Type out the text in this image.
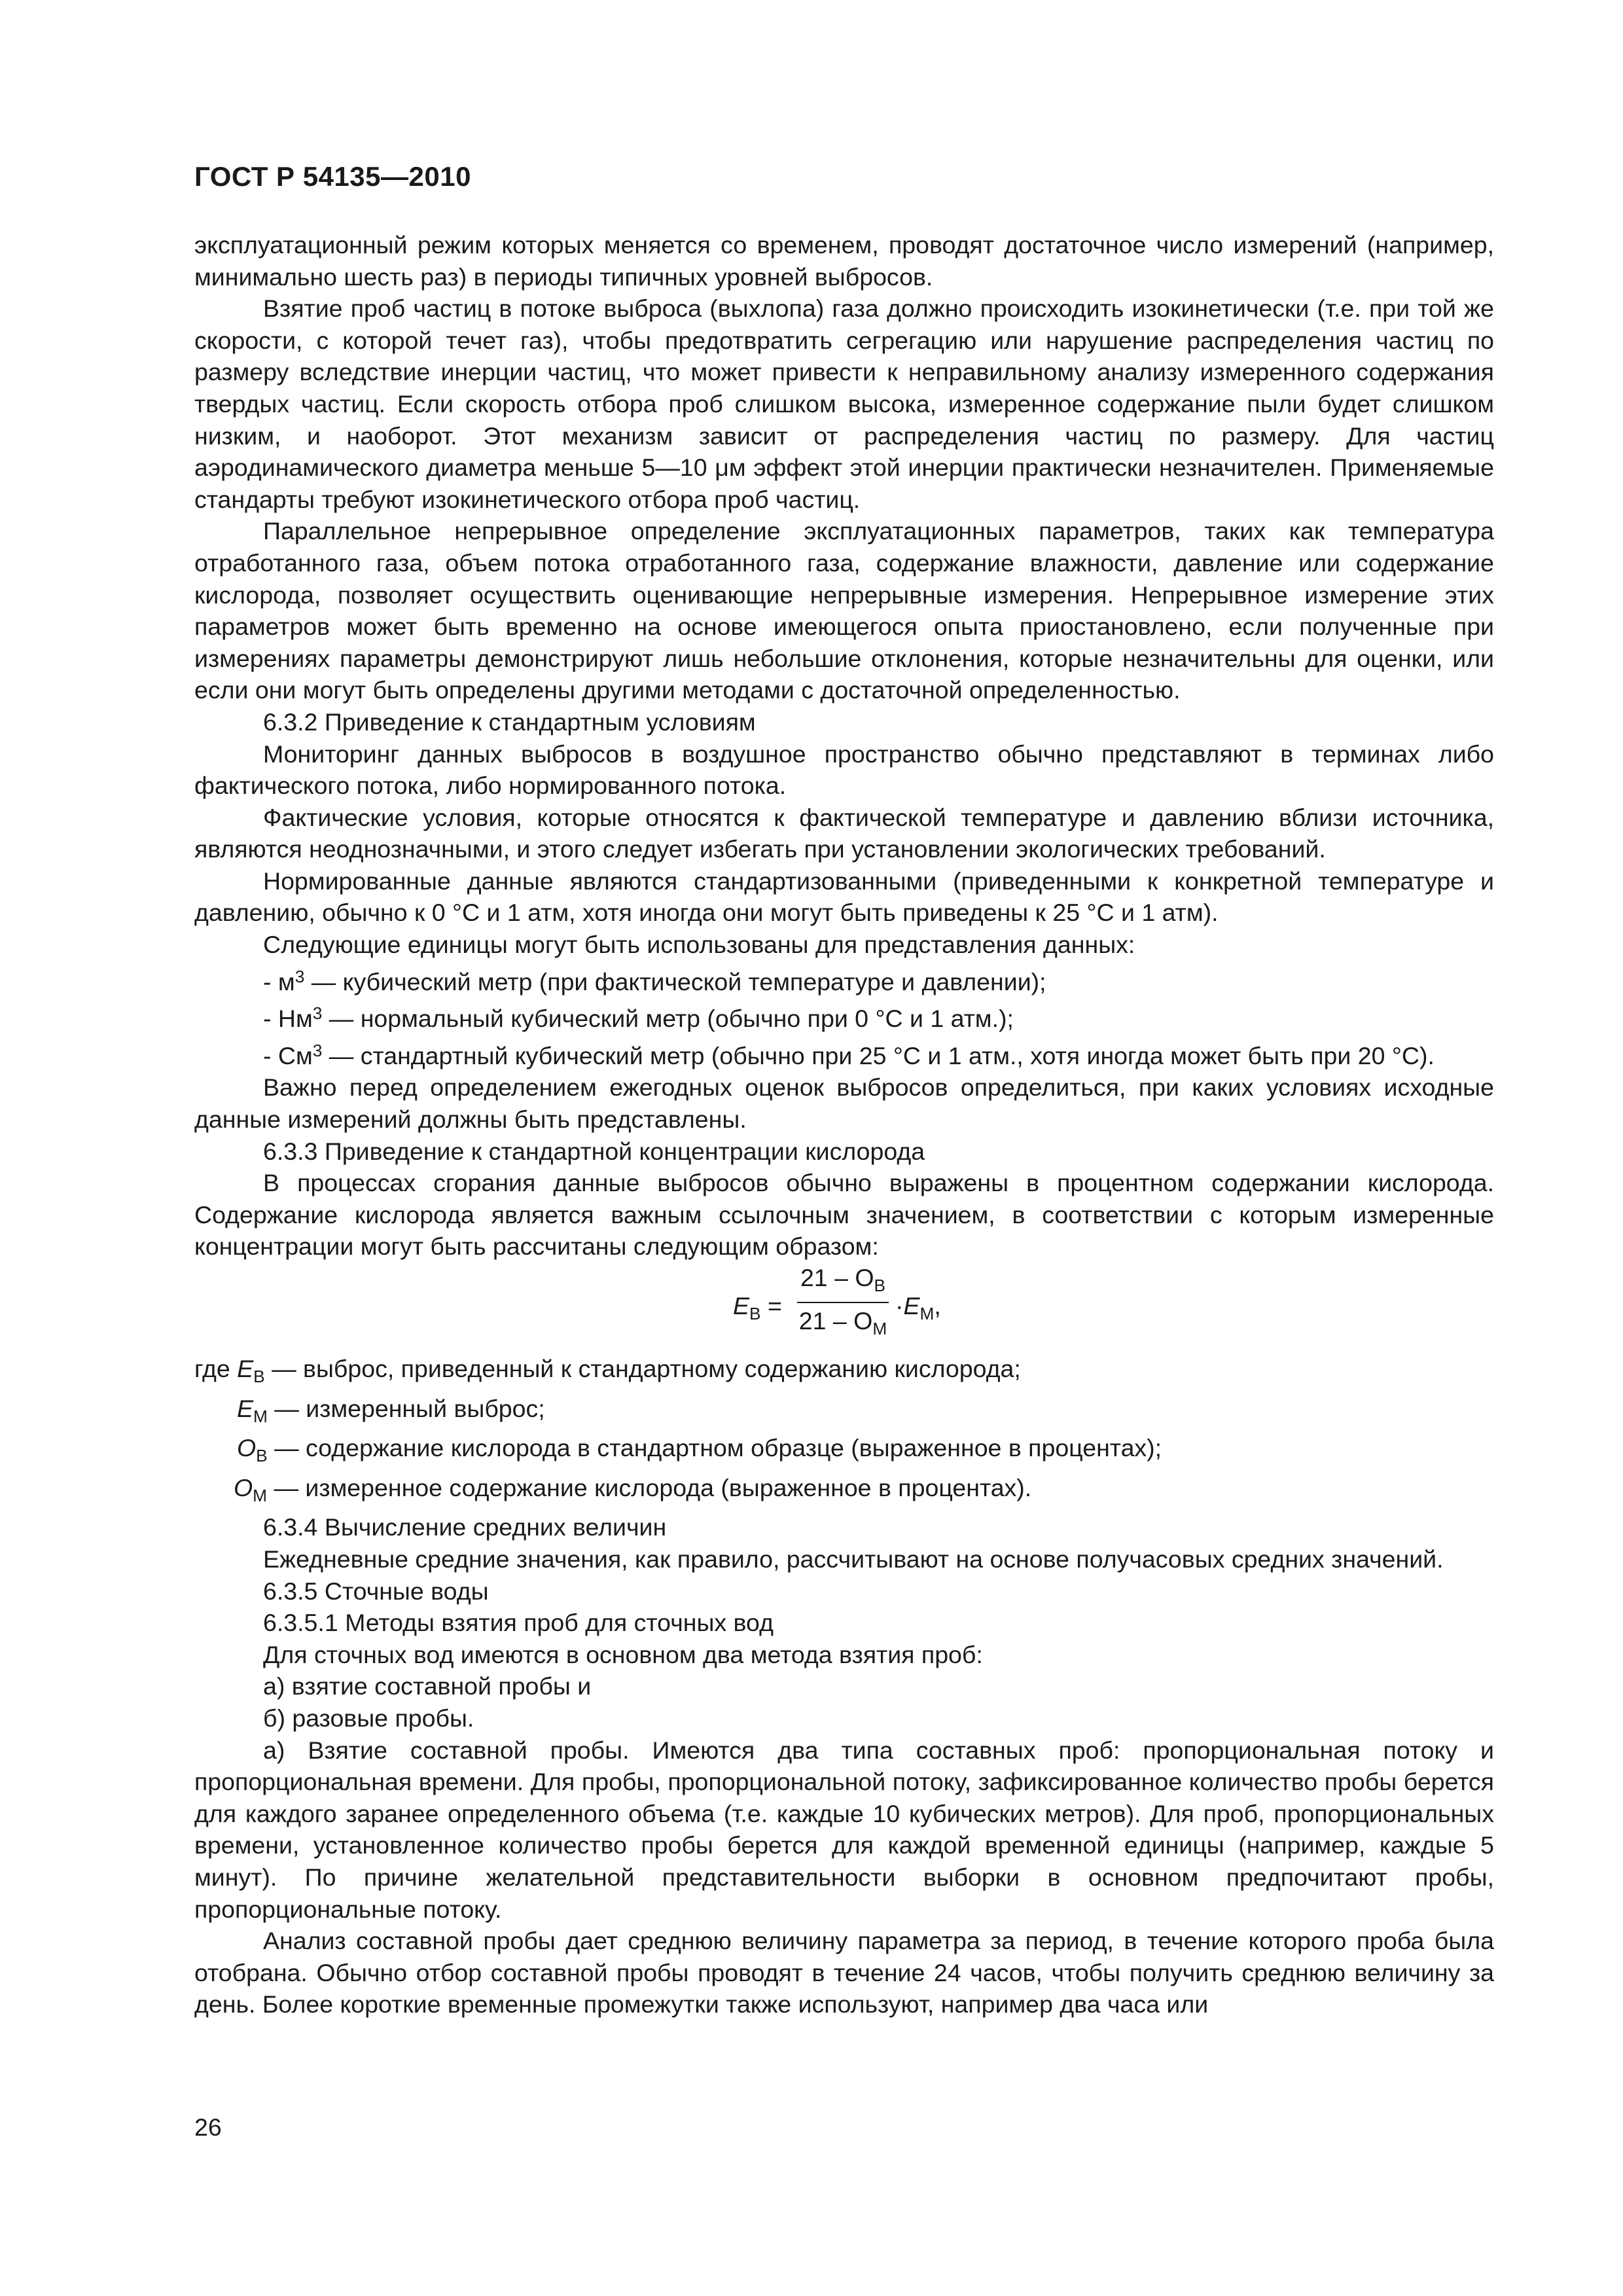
ГОСТ Р 54135—2010

эксплуатационный режим которых меняется со временем, проводят достаточное число измерений (например, минимально шесть раз) в периоды типичных уровней выбросов.

Взятие проб частиц в потоке выброса (выхлопа) газа должно происходить изокинетически (т.е. при той же скорости, с которой течет газ), чтобы предотвратить сегрегацию или нарушение распределения частиц по размеру вследствие инерции частиц, что может привести к неправильному анализу измеренного содержания твердых частиц. Если скорость отбора проб слишком высока, измеренное содержание пыли будет слишком низким, и наоборот. Этот механизм зависит от распределения частиц по размеру. Для частиц аэродинамического диаметра меньше 5—10 μм эффект этой инерции практически незначителен. Применяемые стандарты требуют изокинетического отбора проб частиц.

Параллельное непрерывное определение эксплуатационных параметров, таких как температура отработанного газа, объем потока отработанного газа, содержание влажности, давление или содержание кислорода, позволяет осуществить оценивающие непрерывные измерения. Непрерывное измерение этих параметров может быть временно на основе имеющегося опыта приостановлено, если полученные при измерениях параметры демонстрируют лишь небольшие отклонения, которые незначительны для оценки, или если они могут быть определены другими методами с достаточной определенностью.

6.3.2 Приведение к стандартным условиям

Мониторинг данных выбросов в воздушное пространство обычно представляют в терминах либо фактического потока, либо нормированного потока.

Фактические условия, которые относятся к фактической температуре и давлению вблизи источника, являются неоднозначными, и этого следует избегать при установлении экологических требований.

Нормированные данные являются стандартизованными (приведенными к конкретной температуре и давлению, обычно к 0 °C и 1 атм, хотя иногда они могут быть приведены к 25 °C и 1 атм).

Следующие единицы могут быть использованы для представления данных:

- $м^3$ — кубический метр (при фактической температуре и давлении);

- $Нм^3$ — нормальный кубический метр (обычно при 0 °C и 1 атм.);

- $См^3$ — стандартный кубический метр (обычно при 25 °C и 1 атм., хотя иногда может быть при 20 °C).

Важно перед определением ежегодных оценок выбросов определиться, при каких условиях исходные данные измерений должны быть представлены.

6.3.3 Приведение к стандартной концентрации кислорода

В процессах сгорания данные выбросов обычно выражены в процентном содержании кислорода. Содержание кислорода является важным ссылочным значением, в соответствии с которым измеренные концентрации могут быть рассчитаны следующим образом:

$E_B$ =
$21 - O_B$
$21 - O_M$
$\cdot E_M$,

где $E_B$ — выброс, приведенный к стандартному содержанию кислорода;

$E_M$ — измеренный выброс;

$O_B$ — содержание кислорода в стандартном образце (выраженное в процентах);

$O_M$ — измеренное содержание кислорода (выраженное в процентах).

6.3.4 Вычисление средних величин

Ежедневные средние значения, как правило, рассчитывают на основе получасовых средних значений.

6.3.5 Сточные воды

6.3.5.1 Методы взятия проб для сточных вод

Для сточных вод имеются в основном два метода взятия проб:

а) взятие составной пробы и

б) разовые пробы.

а) Взятие составной пробы. Имеются два типа составных проб: пропорциональная потоку и пропорциональная времени. Для пробы, пропорциональной потоку, зафиксированное количество пробы берется для каждого заранее определенного объема (т.е. каждые 10 кубических метров). Для проб, пропорциональных времени, установленное количество пробы берется для каждой временной единицы (например, каждые 5 минут). По причине желательной представительности выборки в основном предпочитают пробы, пропорциональные потоку.

Анализ составной пробы дает среднюю величину параметра за период, в течение которого проба была отобрана. Обычно отбор составной пробы проводят в течение 24 часов, чтобы получить среднюю величину за день. Более короткие временные промежутки также используют, например два часа или

26
